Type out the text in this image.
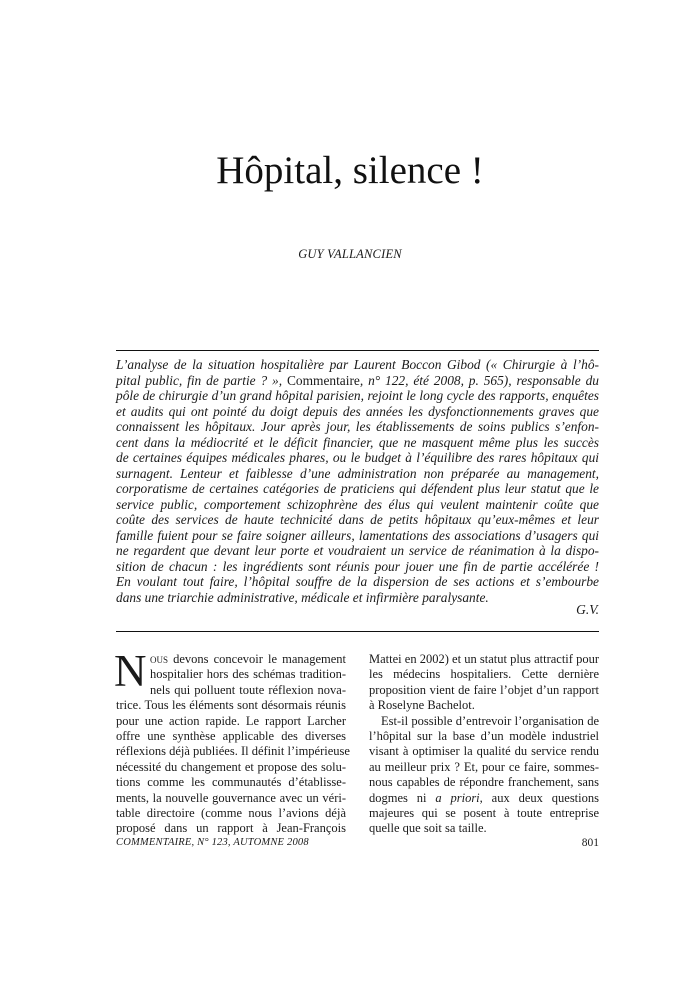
Hôpital, silence !
GUY VALLANCIEN
L’analyse de la situation hospitalière par Laurent Boccon Gibod (« Chirurgie à l’hô-
pital public, fin de partie ? », Commentaire, n° 122, été 2008, p. 565), responsable du
pôle de chirurgie d’un grand hôpital parisien, rejoint le long cycle des rapports, enquêtes
et audits qui ont pointé du doigt depuis des années les dysfonctionnements graves que
connaissent les hôpitaux. Jour après jour, les établissements de soins publics s’enfon-
cent dans la médiocrité et le déficit financier, que ne masquent même plus les succès
de certaines équipes médicales phares, ou le budget à l’équilibre des rares hôpitaux qui
surnagent. Lenteur et faiblesse d’une administration non préparée au management,
corporatisme de certaines catégories de praticiens qui défendent plus leur statut que le
service public, comportement schizophrène des élus qui veulent maintenir coûte que
coûte des services de haute technicité dans de petits hôpitaux qu’eux-mêmes et leur
famille fuient pour se faire soigner ailleurs, lamentations des associations d’usagers qui
ne regardent que devant leur porte et voudraient un service de réanimation à la dispo-
sition de chacun : les ingrédients sont réunis pour jouer une fin de partie accélérée !
En voulant tout faire, l’hôpital souffre de la dispersion de ses actions et s’embourbe
dans une triarchie administrative, médicale et infirmière paralysante.
G.V.
N ous devons concevoir le management
hospitalier hors des schémas tradition-
nels qui polluent toute réflexion nova-
trice. Tous les éléments sont désormais réunis
pour une action rapide. Le rapport Larcher
offre une synthèse applicable des diverses
réflexions déjà publiées. Il définit l’impérieuse
nécessité du changement et propose des solu-
tions comme les communautés d’établisse-
ments, la nouvelle gouvernance avec un véri-
table directoire (comme nous l’avions déjà
proposé dans un rapport à Jean-François
Mattei en 2002) et un statut plus attractif pour
les médecins hospitaliers. Cette dernière
proposition vient de faire l’objet d’un rapport
à Roselyne Bachelot.
Est-il possible d’entrevoir l’organisation de
l’hôpital sur la base d’un modèle industriel
visant à optimiser la qualité du service rendu
au meilleur prix ? Et, pour ce faire, sommes-
nous capables de répondre franchement, sans
dogmes ni a priori, aux deux questions
majeures qui se posent à toute entreprise
quelle que soit sa taille.
COMMENTAIRE, N° 123, AUTOMNE 2008	801
